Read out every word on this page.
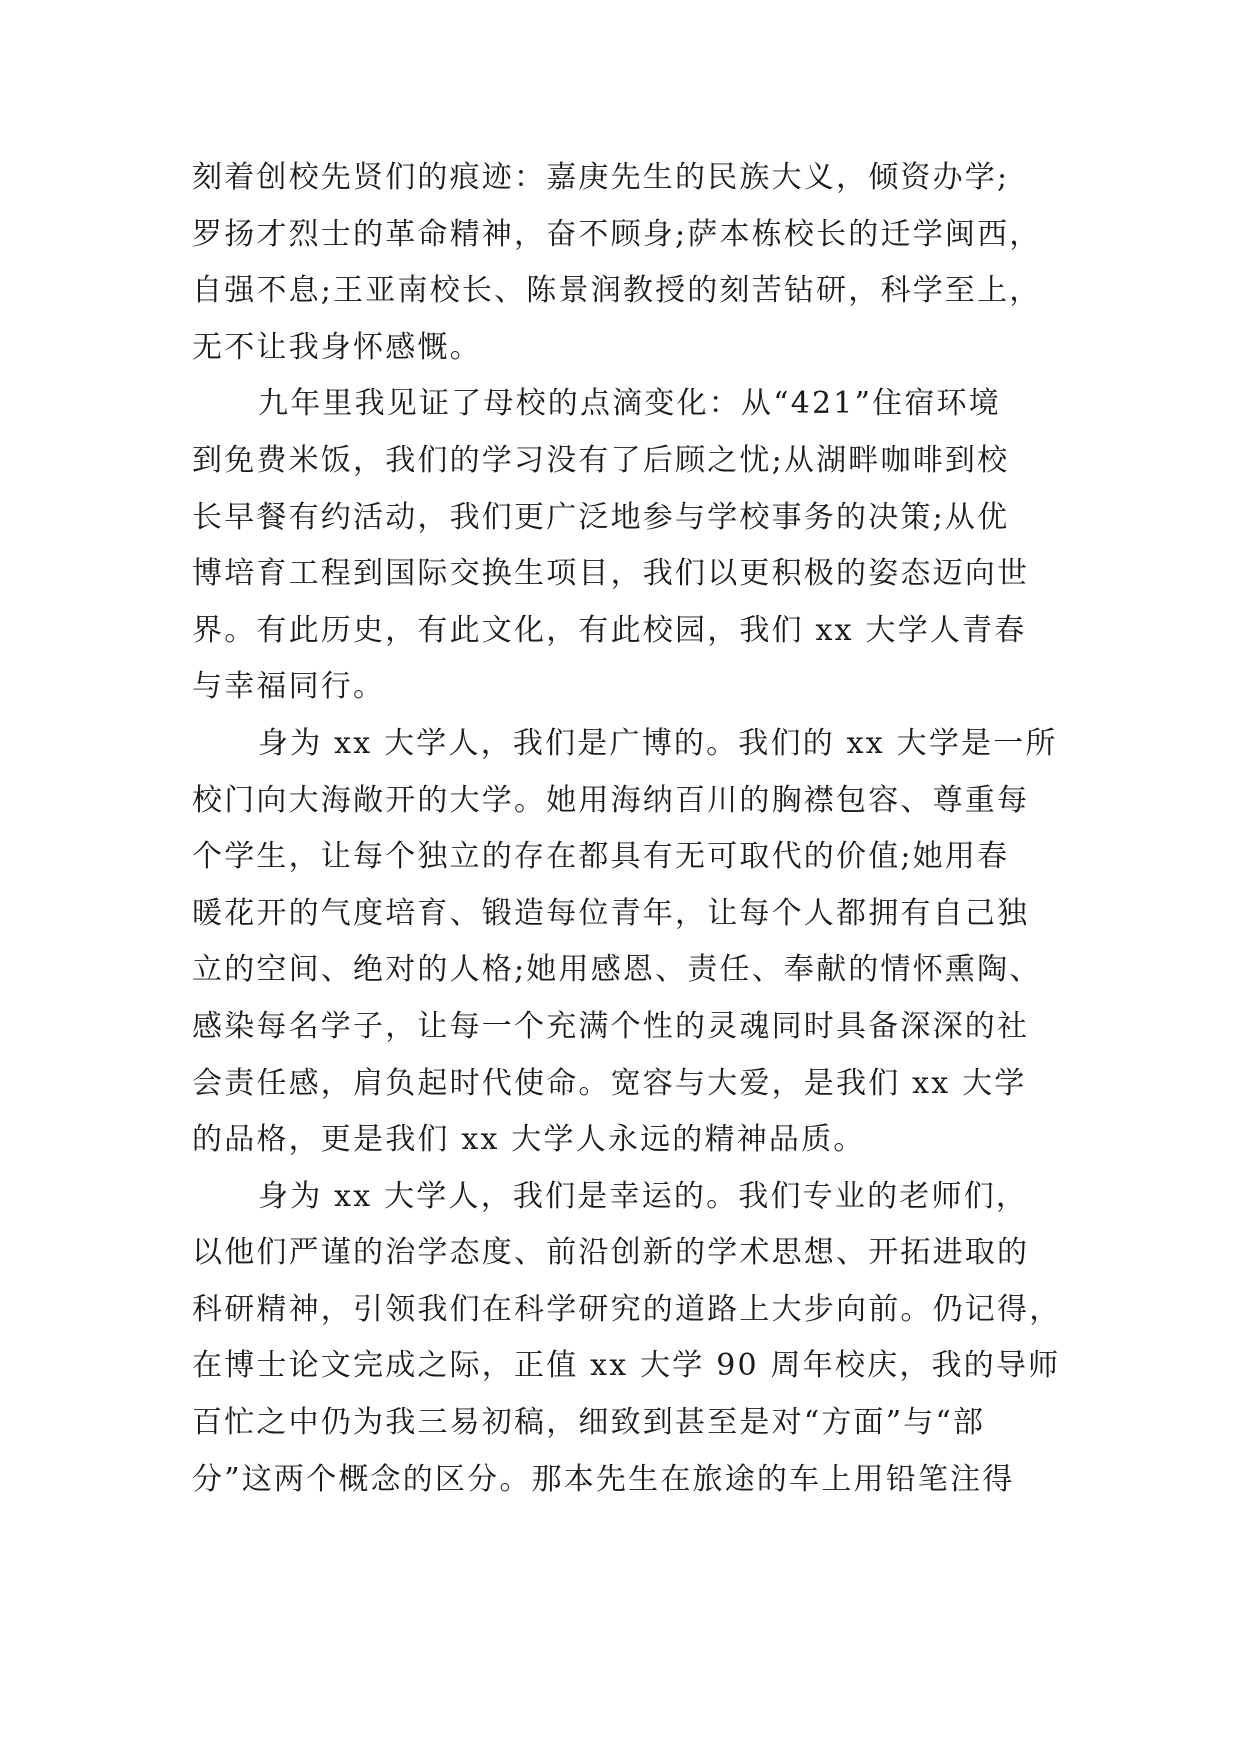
刻着创校先贤们的痕迹：嘉庚先生的民族大义，倾资办学;
罗扬才烈士的革命精神，奋不顾身;萨本栋校长的迁学闽西，
自强不息;王亚南校长、陈景润教授的刻苦钻研，科学至上，
无不让我身怀感慨。
九年里我见证了母校的点滴变化：从“421”住宿环境
到免费米饭，我们的学习没有了后顾之忧;从湖畔咖啡到校
长早餐有约活动，我们更广泛地参与学校事务的决策;从优
博培育工程到国际交换生项目，我们以更积极的姿态迈向世
界。有此历史，有此文化，有此校园，我们 xx 大学人青春
与幸福同行。
身为 xx 大学人，我们是广博的。我们的 xx 大学是一所
校门向大海敞开的大学。她用海纳百川的胸襟包容、尊重每
个学生，让每个独立的存在都具有无可取代的价值;她用春
暖花开的气度培育、锻造每位青年，让每个人都拥有自己独
立的空间、绝对的人格;她用感恩、责任、奉献的情怀熏陶、
感染每名学子，让每一个充满个性的灵魂同时具备深深的社
会责任感，肩负起时代使命。宽容与大爱，是我们 xx 大学
的品格，更是我们 xx 大学人永远的精神品质。
身为 xx 大学人，我们是幸运的。我们专业的老师们，
以他们严谨的治学态度、前沿创新的学术思想、开拓进取的
科研精神，引领我们在科学研究的道路上大步向前。仍记得，
在博士论文完成之际，正值 xx 大学 90 周年校庆，我的导师
百忙之中仍为我三易初稿，细致到甚至是对“方面”与“部
分”这两个概念的区分。那本先生在旅途的车上用铅笔注得
